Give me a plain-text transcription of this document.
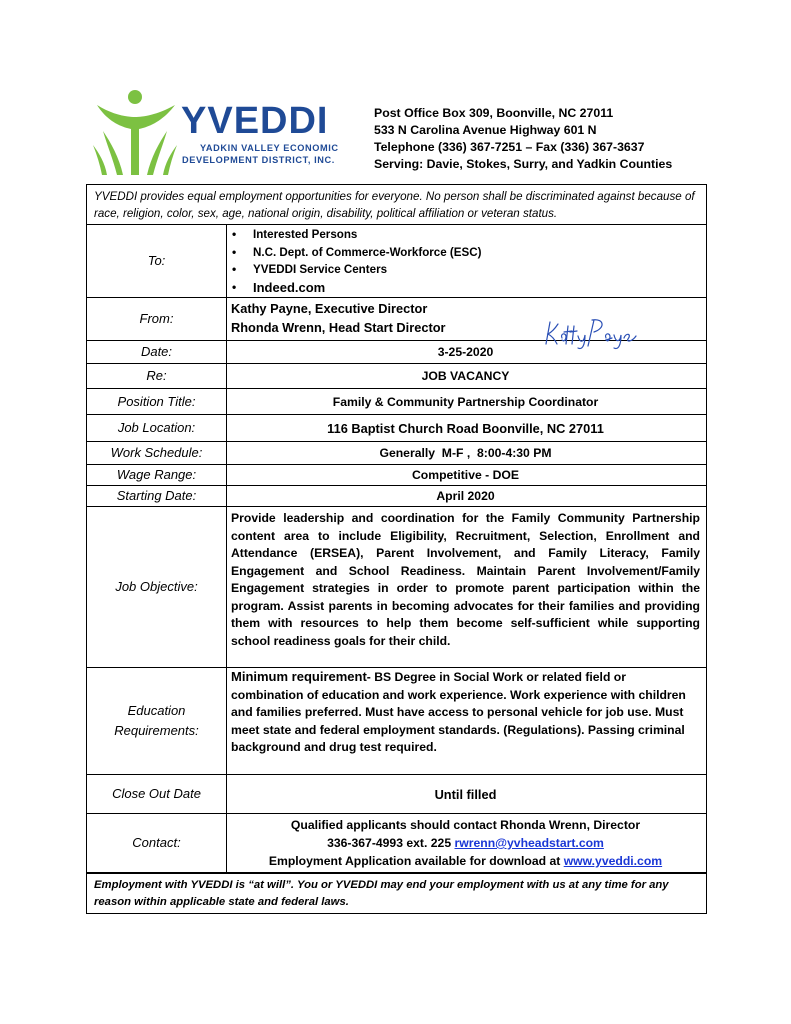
YVEDDI
YADKIN VALLEY ECONOMIC
DEVELOPMENT DISTRICT, INC.
Post Office Box 309, Boonville, NC 27011
533 N Carolina Avenue Highway 601 N
Telephone (336) 367-7251 – Fax (336) 367-3637
Serving: Davie, Stokes, Surry, and Yadkin Counties
YVEDDI provides equal employment opportunities for everyone. No person shall be discriminated against because of race, religion, color, sex, age, national origin, disability, political affiliation or veteran status.
To:
• Interested Persons
• N.C. Dept. of Commerce-Workforce (ESC)
• YVEDDI Service Centers
• Indeed.com
From:
Kathy Payne, Executive Director
Rhonda Wrenn, Head Start Director
Date:	3-25-2020
Re:	JOB VACANCY
Position Title:	Family & Community Partnership Coordinator
Job Location:	116 Baptist Church Road Boonville, NC 27011
Work Schedule:	Generally  M-F ,  8:00-4:30 PM
Wage Range:	Competitive - DOE
Starting Date:	April 2020
Job Objective:
Provide leadership and coordination for the Family Community Partnership content area to include Eligibility, Recruitment, Selection, Enrollment and Attendance (ERSEA), Parent Involvement, and Family Literacy, Family Engagement and School Readiness. Maintain Parent Involvement/Family Engagement strategies in order to promote parent participation within the program. Assist parents in becoming advocates for their families and providing them with resources to help them become self-sufficient while supporting school readiness goals for their child.
Education
Requirements:
Minimum requirement- BS Degree in Social Work or related field or combination of education and work experience. Work experience with children and families preferred. Must have access to personal vehicle for job use. Must meet state and federal employment standards. (Regulations). Passing criminal background and drug test required.
Close Out Date	Until filled
Contact:
Qualified applicants should contact Rhonda Wrenn, Director
336-367-4993 ext. 225 rwrenn@yvheadstart.com
Employment Application available for download at www.yveddi.com
Employment with YVEDDI is “at will”. You or YVEDDI may end your employment with us at any time for any reason within applicable state and federal laws.
